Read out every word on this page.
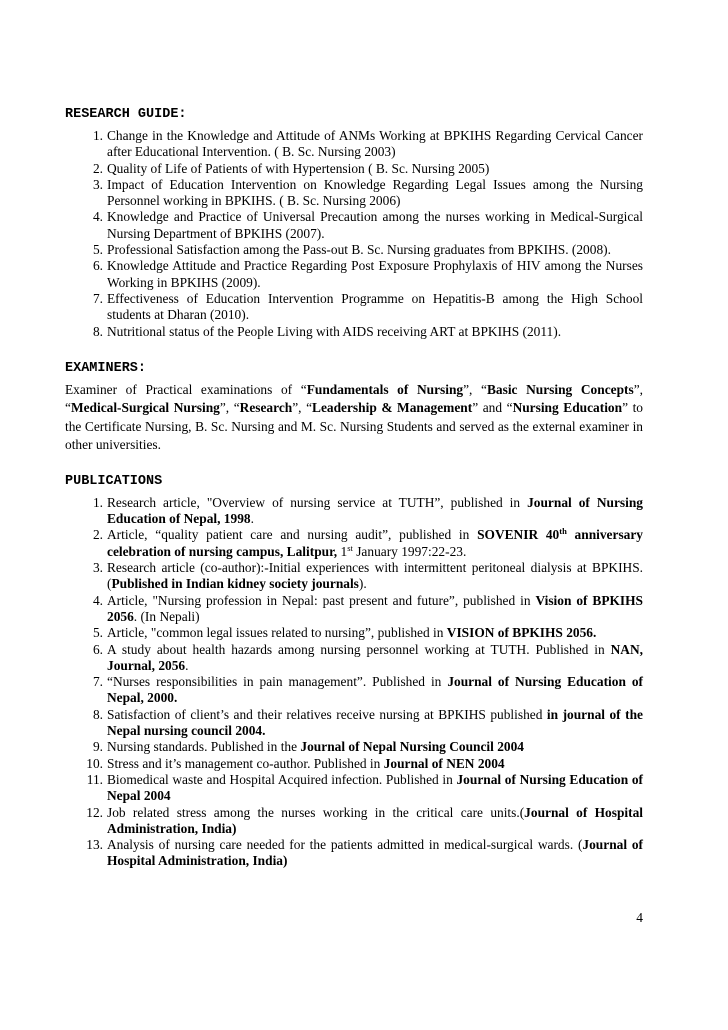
RESEARCH GUIDE:
1. Change in the Knowledge and Attitude of ANMs Working at BPKIHS Regarding Cervical Cancer after Educational Intervention. ( B. Sc. Nursing 2003)
2. Quality of Life of Patients of with Hypertension ( B. Sc. Nursing 2005)
3. Impact of Education Intervention on Knowledge Regarding Legal Issues among the Nursing Personnel working in BPKIHS. ( B. Sc. Nursing 2006)
4. Knowledge and Practice of Universal Precaution among the nurses working in Medical-Surgical Nursing Department of BPKIHS (2007).
5. Professional Satisfaction among the Pass-out B. Sc. Nursing graduates from BPKIHS. (2008).
6. Knowledge Attitude and Practice Regarding Post Exposure Prophylaxis of HIV among the Nurses Working in BPKIHS (2009).
7. Effectiveness of Education Intervention Programme on Hepatitis-B among the High School students at Dharan (2010).
8. Nutritional status of the People Living with AIDS receiving ART at BPKIHS (2011).
EXAMINERS:

Examiner of Practical examinations of “Fundamentals of Nursing”, “Basic Nursing Concepts”, “Medical-Surgical Nursing”, “Research”, “Leadership & Management” and “Nursing Education” to the Certificate Nursing, B. Sc. Nursing and M. Sc. Nursing Students and served as the external examiner in other universities.

PUBLICATIONS
1. Research article, "Overview of nursing service at TUTH”, published in Journal of Nursing Education of Nepal, 1998.
2. Article, “quality patient care and nursing audit”, published in SOVENIR 40th anniversary celebration of nursing campus, Lalitpur, 1st January 1997:22-23.
3. Research article (co-author):-Initial experiences with intermittent peritoneal dialysis at BPKIHS. (Published in Indian kidney society journals).
4. Article, "Nursing profession in Nepal: past present and future”, published in Vision of BPKIHS 2056. (In Nepali)
5. Article, "common legal issues related to nursing”, published in VISION of BPKIHS 2056.
6. A study about health hazards among nursing personnel working at TUTH. Published in NAN, Journal, 2056.
7. “Nurses responsibilities in pain management”. Published in Journal of Nursing Education of Nepal, 2000.
8. Satisfaction of client’s and their relatives receive nursing at BPKIHS published in journal of the Nepal nursing council 2004.
9. Nursing standards. Published in the Journal of Nepal Nursing Council 2004
10. Stress and it’s management co-author. Published in Journal of NEN 2004
11. Biomedical waste and Hospital Acquired infection. Published in Journal of Nursing Education of Nepal 2004
12. Job related stress among the nurses working in the critical care units.(Journal of Hospital Administration, India)
13. Analysis of nursing care needed for the patients admitted in medical-surgical wards. (Journal of Hospital Administration, India)
4
